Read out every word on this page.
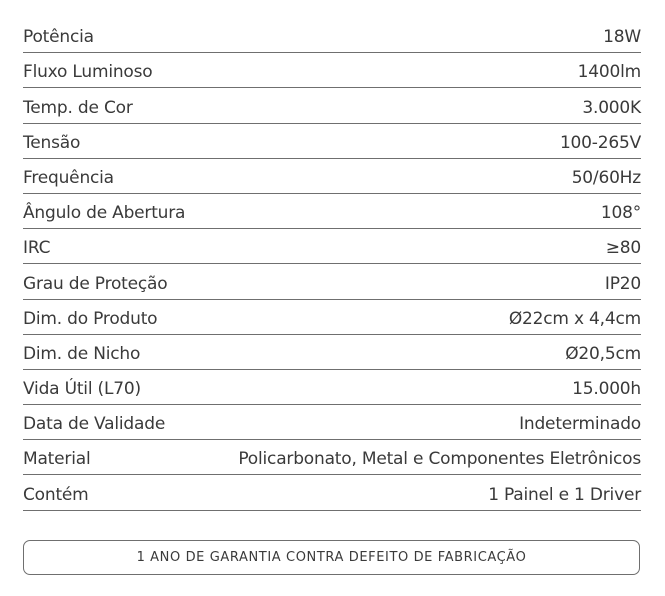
Potência	18W
Fluxo Luminoso	1400lm
Temp. de Cor	3.000K
Tensão	100-265V
Frequência	50/60Hz
Ângulo de Abertura	108°
IRC	≥80
Grau de Proteção	IP20
Dim. do Produto	Ø22cm x 4,4cm
Dim. de Nicho	Ø20,5cm
Vida Útil (L70)	15.000h
Data de Validade	Indeterminado
Material	Policarbonato, Metal e Componentes Eletrônicos
Contém	1 Painel e 1 Driver
1 ANO DE GARANTIA CONTRA DEFEITO DE FABRICAÇÃO
